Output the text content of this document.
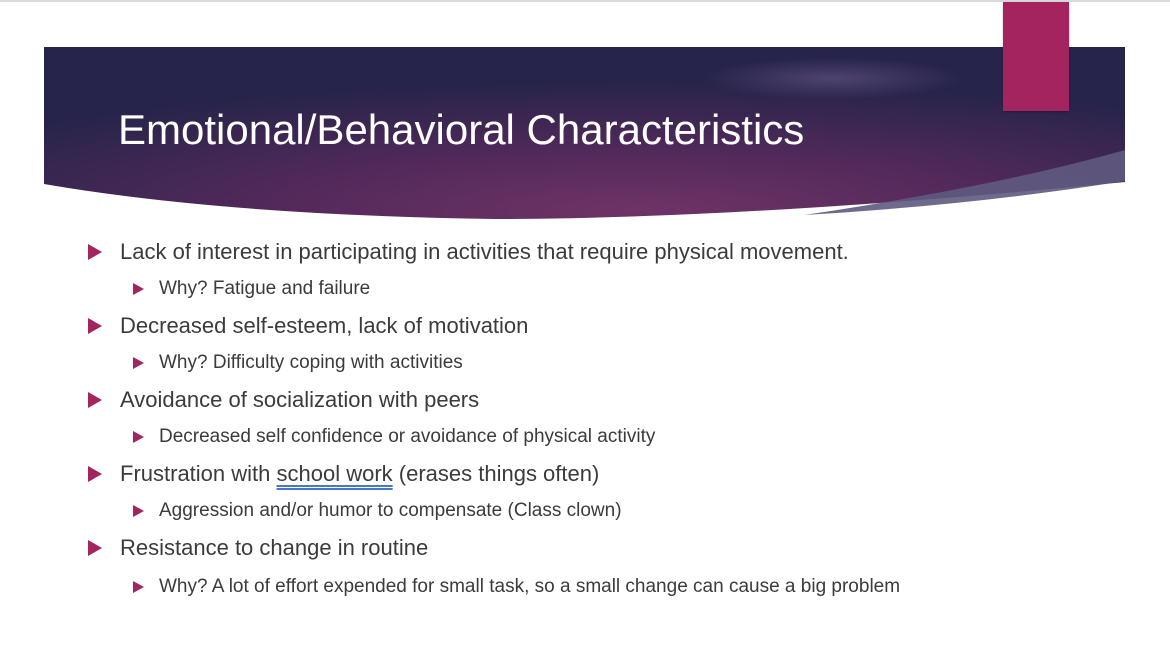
Emotional/Behavioral Characteristics
Lack of interest in participating in activities that require physical movement.
Why? Fatigue and failure
Decreased self-esteem, lack of motivation
Why? Difficulty coping with activities
Avoidance of socialization with peers
Decreased self confidence or avoidance of physical activity
Frustration with school work (erases things often)
Aggression and/or humor to compensate (Class clown)
Resistance to change in routine
Why? A lot of effort expended for small task, so a small change can cause a big problem
